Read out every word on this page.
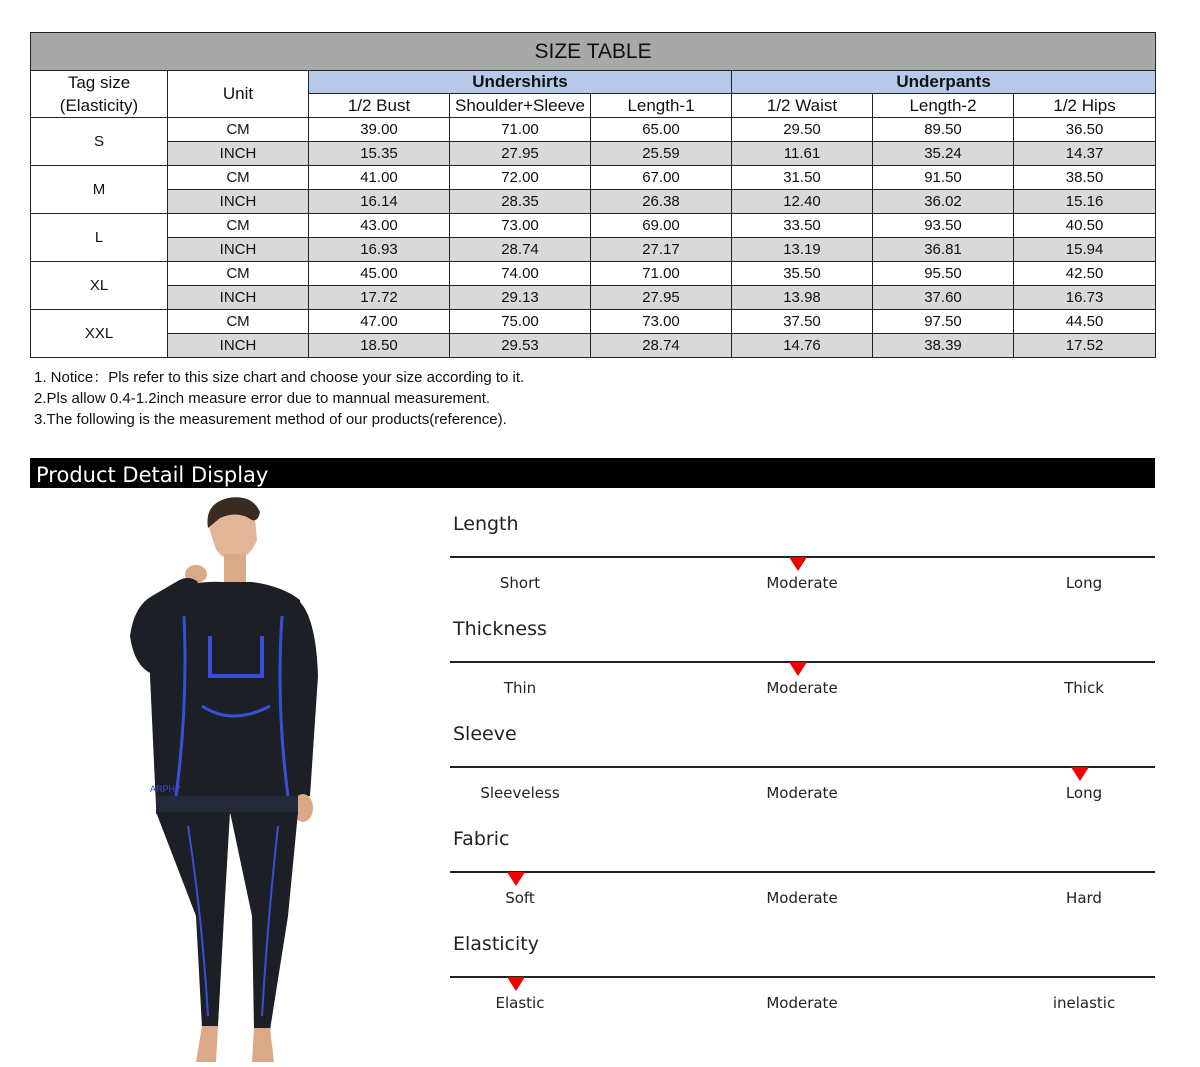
SIZE TABLE							

Tag size
(Elasticity)	Unit	Undershirts			Underpants		
		1/2 Bust	Shoulder+Sleeve	Length-1	1/2 Waist	Length-2	1/2 Hips
S	CM	39.00	71.00	65.00	29.50	89.50	36.50
	INCH	15.35	27.95	25.59	11.61	35.24	14.37
M	CM	41.00	72.00	67.00	31.50	91.50	38.50
	INCH	16.14	28.35	26.38	12.40	36.02	15.16
L	CM	43.00	73.00	69.00	33.50	93.50	40.50
	INCH	16.93	28.74	27.17	13.19	36.81	15.94
XL	CM	45.00	74.00	71.00	35.50	95.50	42.50
	INCH	17.72	29.13	27.95	13.98	37.60	16.73
XXL	CM	47.00	75.00	73.00	37.50	97.50	44.50
	INCH	18.50	29.53	28.74	14.76	38.39	17.52
1. Notice：Pls refer to this size chart and choose your size according to it.
2.Pls allow 0.4-1.2inch measure error due to mannual measurement.
3.The following is the measurement method of our products(reference).
Product Detail Display
ARPHY
Length
Short	Moderate	Long
Thickness
Thin	Moderate	Thick
Sleeve
Sleeveless	Moderate	Long
Fabric
Soft	Moderate	Hard
Elasticity
Elastic	Moderate	inelastic
